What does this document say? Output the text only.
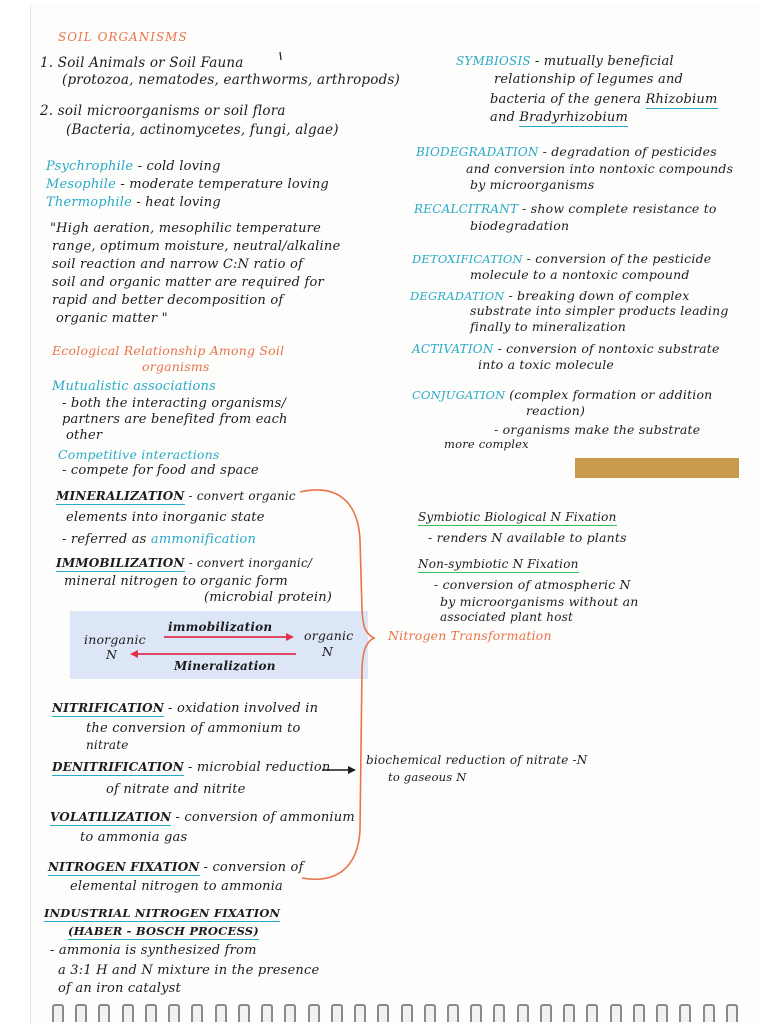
SOIL ORGANISMS
1. Soil Animals or Soil Fauna
(protozoa, nematodes, earthworms, arthropods)
2. soil microorganisms or soil flora
(Bacteria, actinomycetes, fungi, algae)
Psychrophile - cold loving
Mesophile - moderate temperature loving
Thermophile - heat loving
"High aeration, mesophilic temperature
range, optimum moisture, neutral/alkaline
soil reaction and narrow C:N ratio of
soil and organic matter are required for
rapid and better decomposition of
organic matter "
Ecological Relationship Among Soil
organisms
Mutualistic associations
- both the interacting organisms/
partners are benefited from each
other
Competitive interactions
- compete for food and space
MINERALIZATION - convert organic
elements into inorganic state
- referred as ammonification
IMMOBILIZATION - convert inorganic/
mineral nitrogen to organic form
(microbial protein)
inorganic
N
organic
N
immobilization
Mineralization
NITRIFICATION - oxidation involved in
the conversion of ammonium to
nitrate
DENITRIFICATION - microbial reduction
of nitrate and nitrite
VOLATILIZATION - conversion of ammonium
to ammonia gas
NITROGEN FIXATION - conversion of
elemental nitrogen to ammonia
INDUSTRIAL NITROGEN FIXATION
(HABER - BOSCH PROCESS)
- ammonia is synthesized from
a 3:1 H and N mixture in the presence
of an iron catalyst
SYMBIOSIS - mutually beneficial
relationship of legumes and
bacteria of the genera Rhizobium
and Bradyrhizobium
BIODEGRADATION - degradation of pesticides
and conversion into nontoxic compounds
by microorganisms
RECALCITRANT - show complete resistance to
biodegradation
DETOXIFICATION - conversion of the pesticide
molecule to a nontoxic compound
DEGRADATION - breaking down of complex
substrate into simpler products leading
finally to mineralization
ACTIVATION - conversion of nontoxic substrate
into a toxic molecule
CONJUGATION (complex formation or addition
reaction)
- organisms make the substrate
more complex
Symbiotic Biological N Fixation
- renders N available to plants
Non-symbiotic N Fixation
- conversion of atmospheric N
by microorganisms without an
associated plant host
Nitrogen Transformation
biochemical reduction of nitrate -N
to gaseous N
